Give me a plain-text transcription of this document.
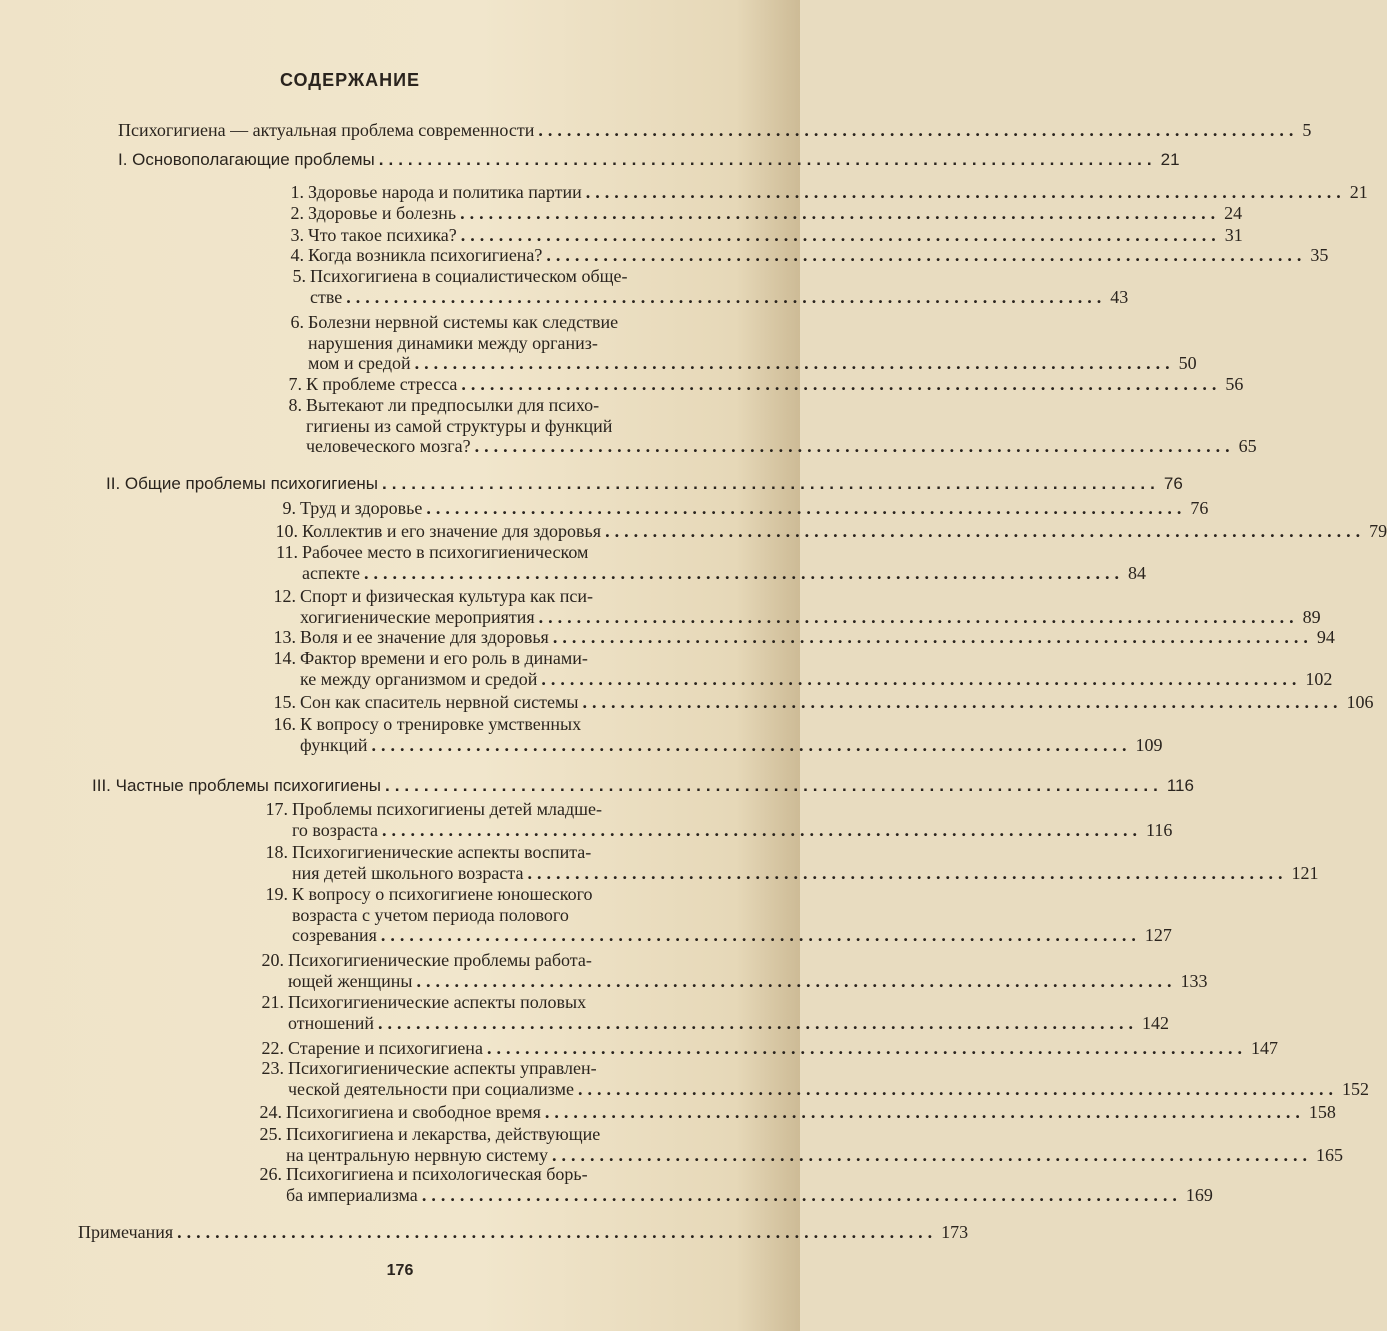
СОДЕРЖАНИЕ
Психогигиена — актуальная проблема современности ................................................................................ 5
I. Основополагающие проблемы ................................................................................ 21
II. Общие проблемы психогигиены ................................................................................ 76
III. Частные проблемы психогигиены ................................................................................ 116
1. Здоровье народа и политика партии ................................................................................ 21
2. Здоровье и болезнь ................................................................................ 24
3. Что такое психика? ................................................................................ 31
4. Когда возникла психогигиена? ................................................................................ 35
5. Психогигиена в социалистическом обще-
стве ................................................................................ 43
6. Болезни нервной системы как следствие
нарушения динамики между организ-
мом и средой ................................................................................ 50
7. К проблеме стресса ................................................................................ 56
8. Вытекают ли предпосылки для психо-
гигиены из самой структуры и функций
человеческого мозга? ................................................................................ 65
9. Труд и здоровье ................................................................................ 76
10. Коллектив и его значение для здоровья ................................................................................ 79
11. Рабочее место в психогигиеническом
аспекте ................................................................................ 84
12. Спорт и физическая культура как пси-
хогигиенические мероприятия ................................................................................ 89
13. Воля и ее значение для здоровья ................................................................................ 94
14. Фактор времени и его роль в динами-
ке между организмом и средой ................................................................................ 102
15. Сон как спаситель нервной системы ................................................................................ 106
16. К вопросу о тренировке умственных
функций ................................................................................ 109
17. Проблемы психогигиены детей младше-
го возраста ................................................................................ 116
18. Психогигиенические аспекты воспита-
ния детей школьного возраста ................................................................................ 121
19. К вопросу о психогигиене юношеского
возраста с учетом периода полового
созревания ................................................................................ 127
20. Психогигиенические проблемы работа-
ющей женщины ................................................................................ 133
21. Психогигиенические аспекты половых
отношений ................................................................................ 142
22. Старение и психогигиена ................................................................................ 147
23. Психогигиенические аспекты управлен-
ческой деятельности при социализме ................................................................................ 152
24. Психогигиена и свободное время ................................................................................ 158
25. Психогигиена и лекарства, действующие
на центральную нервную систему ................................................................................ 165
26. Психогигиена и психологическая борь-
ба империализма ................................................................................ 169
Примечания ................................................................................ 173
176
